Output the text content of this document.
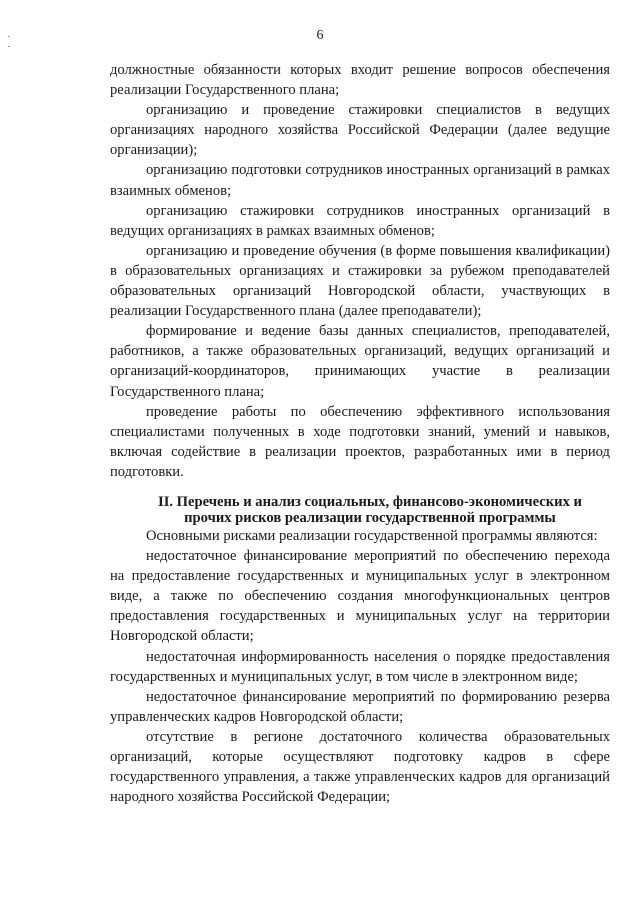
6

должностные обязанности которых входит решение вопросов обеспечения реализации Государственного плана;

организацию и проведение стажировки специалистов в ведущих организациях народного хозяйства Российской Федерации (далее ведущие организации);

организацию подготовки сотрудников иностранных организаций в рамках взаимных обменов;

организацию стажировки сотрудников иностранных организаций в ведущих организациях в рамках взаимных обменов;

организацию и проведение обучения (в форме повышения квалификации) в образовательных организациях и стажировки за рубежом преподавателей образовательных организаций Новгородской области, участвующих в реализации Государственного плана (далее преподаватели);

формирование и ведение базы данных специалистов, преподавателей, работников, а также образовательных организаций, ведущих организаций и организаций-координаторов, принимающих участие в реализации Государственного плана;

проведение работы по обеспечению эффективного использования специалистами полученных в ходе подготовки знаний, умений и навыков, включая содействие в реализации проектов, разработанных ими в период подготовки.

II. Перечень и анализ социальных, финансово-экономических и
прочих рисков реализации государственной программы

Основными рисками реализации государственной программы являются:

недостаточное финансирование мероприятий по обеспечению перехода на предоставление государственных и муниципальных услуг в электронном виде, а также по обеспечению создания многофункциональных центров предоставления государственных и муниципальных услуг на территории Новгородской области;

недостаточная информированность населения о порядке предоставления государственных и муниципальных услуг, в том числе в электронном виде;

недостаточное финансирование мероприятий по формированию резерва управленческих кадров Новгородской области;

отсутствие в регионе достаточного количества образовательных организаций, которые осуществляют подготовку кадров в сфере государственного управления, а также управленческих кадров для организаций народного хозяйства Российской Федерации;
